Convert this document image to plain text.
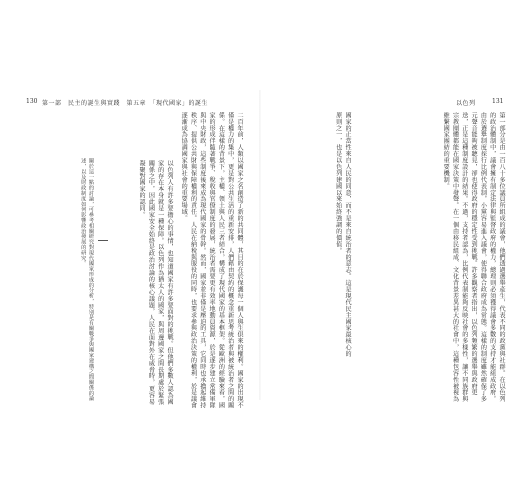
130 第一部　民主的誕生與實踐　第五章　「現代國家」的誕生
二百年前，人類以國家之名創造了新的共同體，其目的在於保護每一個人與生俱來的權利。國家的出現不僅是權力的集中，更是對公共生活的重新安排，人們藉由契約的概念重新思考統治者與被統治者之間的關係。在這樣的背景下，主權、領土與人民三者結合，構成了現代國家的基本框架。從歐洲的經驗來看，國家的形成伴隨著戰爭、稅收與官僚制度的發展，統治者需要更有效率地動員資源，於是逐步建立常備軍隊與中央財政，這些制度後來成為現代國家的骨幹。然而，國家並非僅是壓迫的工具，它同時也承擔起維持秩序、提供公共財與保障權利的責任。人民在納稅與服役的同時，也要求參與政治決策的權利，於是議會逐漸成為協調國家與社會的重要場域。
以色列人有許多要擔心的事情，也知道國家有許多要面對的挑戰。但他們多數人認為國家的存在本身就是一種保障。以色列作為猶太人的國家，與周邊國家之間長期處於緊張關係之中，因此國家安全始終是政治討論的核心議題，人民在面對外在威脅時，更容易凝聚對國家的認同。
關於這一點的討論，可參考相關研究對現代國家形成的分析，特別是有關戰爭與國家建構之間關係的論述，以及財政制度如何影響政治發展的研究。
以色列	131
第一部分是由一百八十多位議員所組成的議會，他們透過選舉產生，代表不同的政黨與社群。在以色列的政治體制中，議會擁有制定法律與監督政府的權力，總理則必須獲得議會多數的支持才能組成政府。由於選舉制度採行比例代表制，小黨容易進入議會，使得聯合政府成為常態。這樣的制度雖然確保了多元聲音能夠被聽見，卻也使得政府的穩定性受到挑戰。許多觀察者指出，以色列頻繁的選舉與政府更迭，正是這種制度設計的結果。不過，支持者認為，比例代表制能夠反映社會的多樣性，讓不同族群與宗教團體都能在國家決策中發聲。在一個由移民組成、文化背景差異甚大的社會中，這種包容性被視為維繫國家團結的重要機制。
國家的正當性來自人民的同意，而不是來自統治者的意志。這是現代民主國家最核心的原則之一，也是以色列建國以來始終強調的價值。
